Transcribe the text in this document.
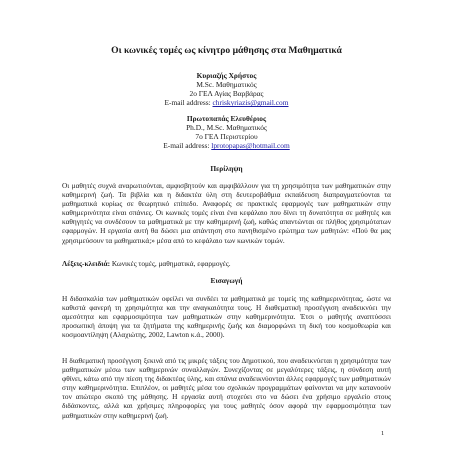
Οι κωνικές τομές ως κίνητρο μάθησης στα Μαθηματικά
Κυριαζής Χρήστος
M.Sc. Μαθηματικός
2ο ΓΕΛ Αγίας Βαρβάρας
E-mail address: chriskyriazis@gmail.com
Πρωτοπαπάς Ελευθέριος
Ph.D., M.Sc. Μαθηματικός
7ο ΓΕΛ Περιστερίου
E-mail address: lprotopapas@hotmail.com
Περίληψη
Οι μαθητές συχνά αναρωτιούνται, αμφισβητούν και αμφιβάλλουν για τη χρησιμότητα των μαθηματικών στην καθημερινή ζωή. Τα βιβλία και η διδακτέα ύλη στη δευτεροβάθμια εκπαίδευση διαπραγματεύονται τα μαθηματικά κυρίως σε θεωρητικό επίπεδο. Αναφορές σε πρακτικές εφαρμογές των μαθηματικών στην καθημερινότητα είναι σπάνιες. Οι κωνικές τομές είναι ένα κεφάλαιο που δίνει τη δυνατότητα σε μαθητές και καθηγητές να συνδέσουν τα μαθηματικά με την καθημερινή ζωή, καθώς απαντώνται σε πλήθος χρησιμότατων εφαρμογών. Η εργασία αυτή θα δώσει μια απάντηση στο πανηθισμένο ερώτημα των μαθητών: «Πού θα μας χρησιμεύσουν τα μαθηματικά;» μέσα από το κεφάλαιο των κωνικών τομών.
Λέξεις-κλειδιά: Κωνικές τομές, μαθηματικά, εφαρμογές.
Εισαγωγή
Η διδασκαλία των μαθηματικών οφείλει να συνδέει τα μαθηματικά με τομείς της καθημερινότητας, ώστε να καθιστά φανερή τη χρησιμότητα και την αναγκαιότητα τους. Η διαθεματική προσέγγιση αναδεικνύει την αμεσότητα και εφαρμοσιμότητα των μαθηματικών στην καθημερινότητα. Έτσι ο μαθητής αναπτύσσει προσωπική άποψη για τα ζητήματα της καθημερινής ζωής και διαμορφώνει τη δική του κοσμοθεωρία και κοσμοαντίληψη (Αλαχιώτης, 2002, Lawton κ.ά., 2000).
Η διαθεματική προσέγγιση ξεκινά από τις μικρές τάξεις του Δημοτικού, που αναδεικνύεται η χρησιμότητα των μαθηματικών μέσω των καθημερινών συναλλαγών. Συνεχίζοντας σε μεγαλύτερες τάξεις, η σύνδεση αυτή φθίνει, κάτω από την πίεση της διδακτέας ύλης, και σπάνια αναδεικνύονται άλλες εφαρμογές των μαθηματικών στην καθημερινότητα. Επιπλέον, οι μαθητές μέσα του σχολικών προγραμμάτων φαίνονται να μην κατανοούν τον απώτερο σκοπό της μάθησης. Η εργασία αυτή στοχεύει στο να δώσει ένα χρήσιμο εργαλείο στους διδάσκοντες, αλλά και χρήσιμες πληροφορίες για τους μαθητές όσον αφορά την εφαρμοσιμότητα των μαθηματικών στην καθημερινή ζωή.
1
